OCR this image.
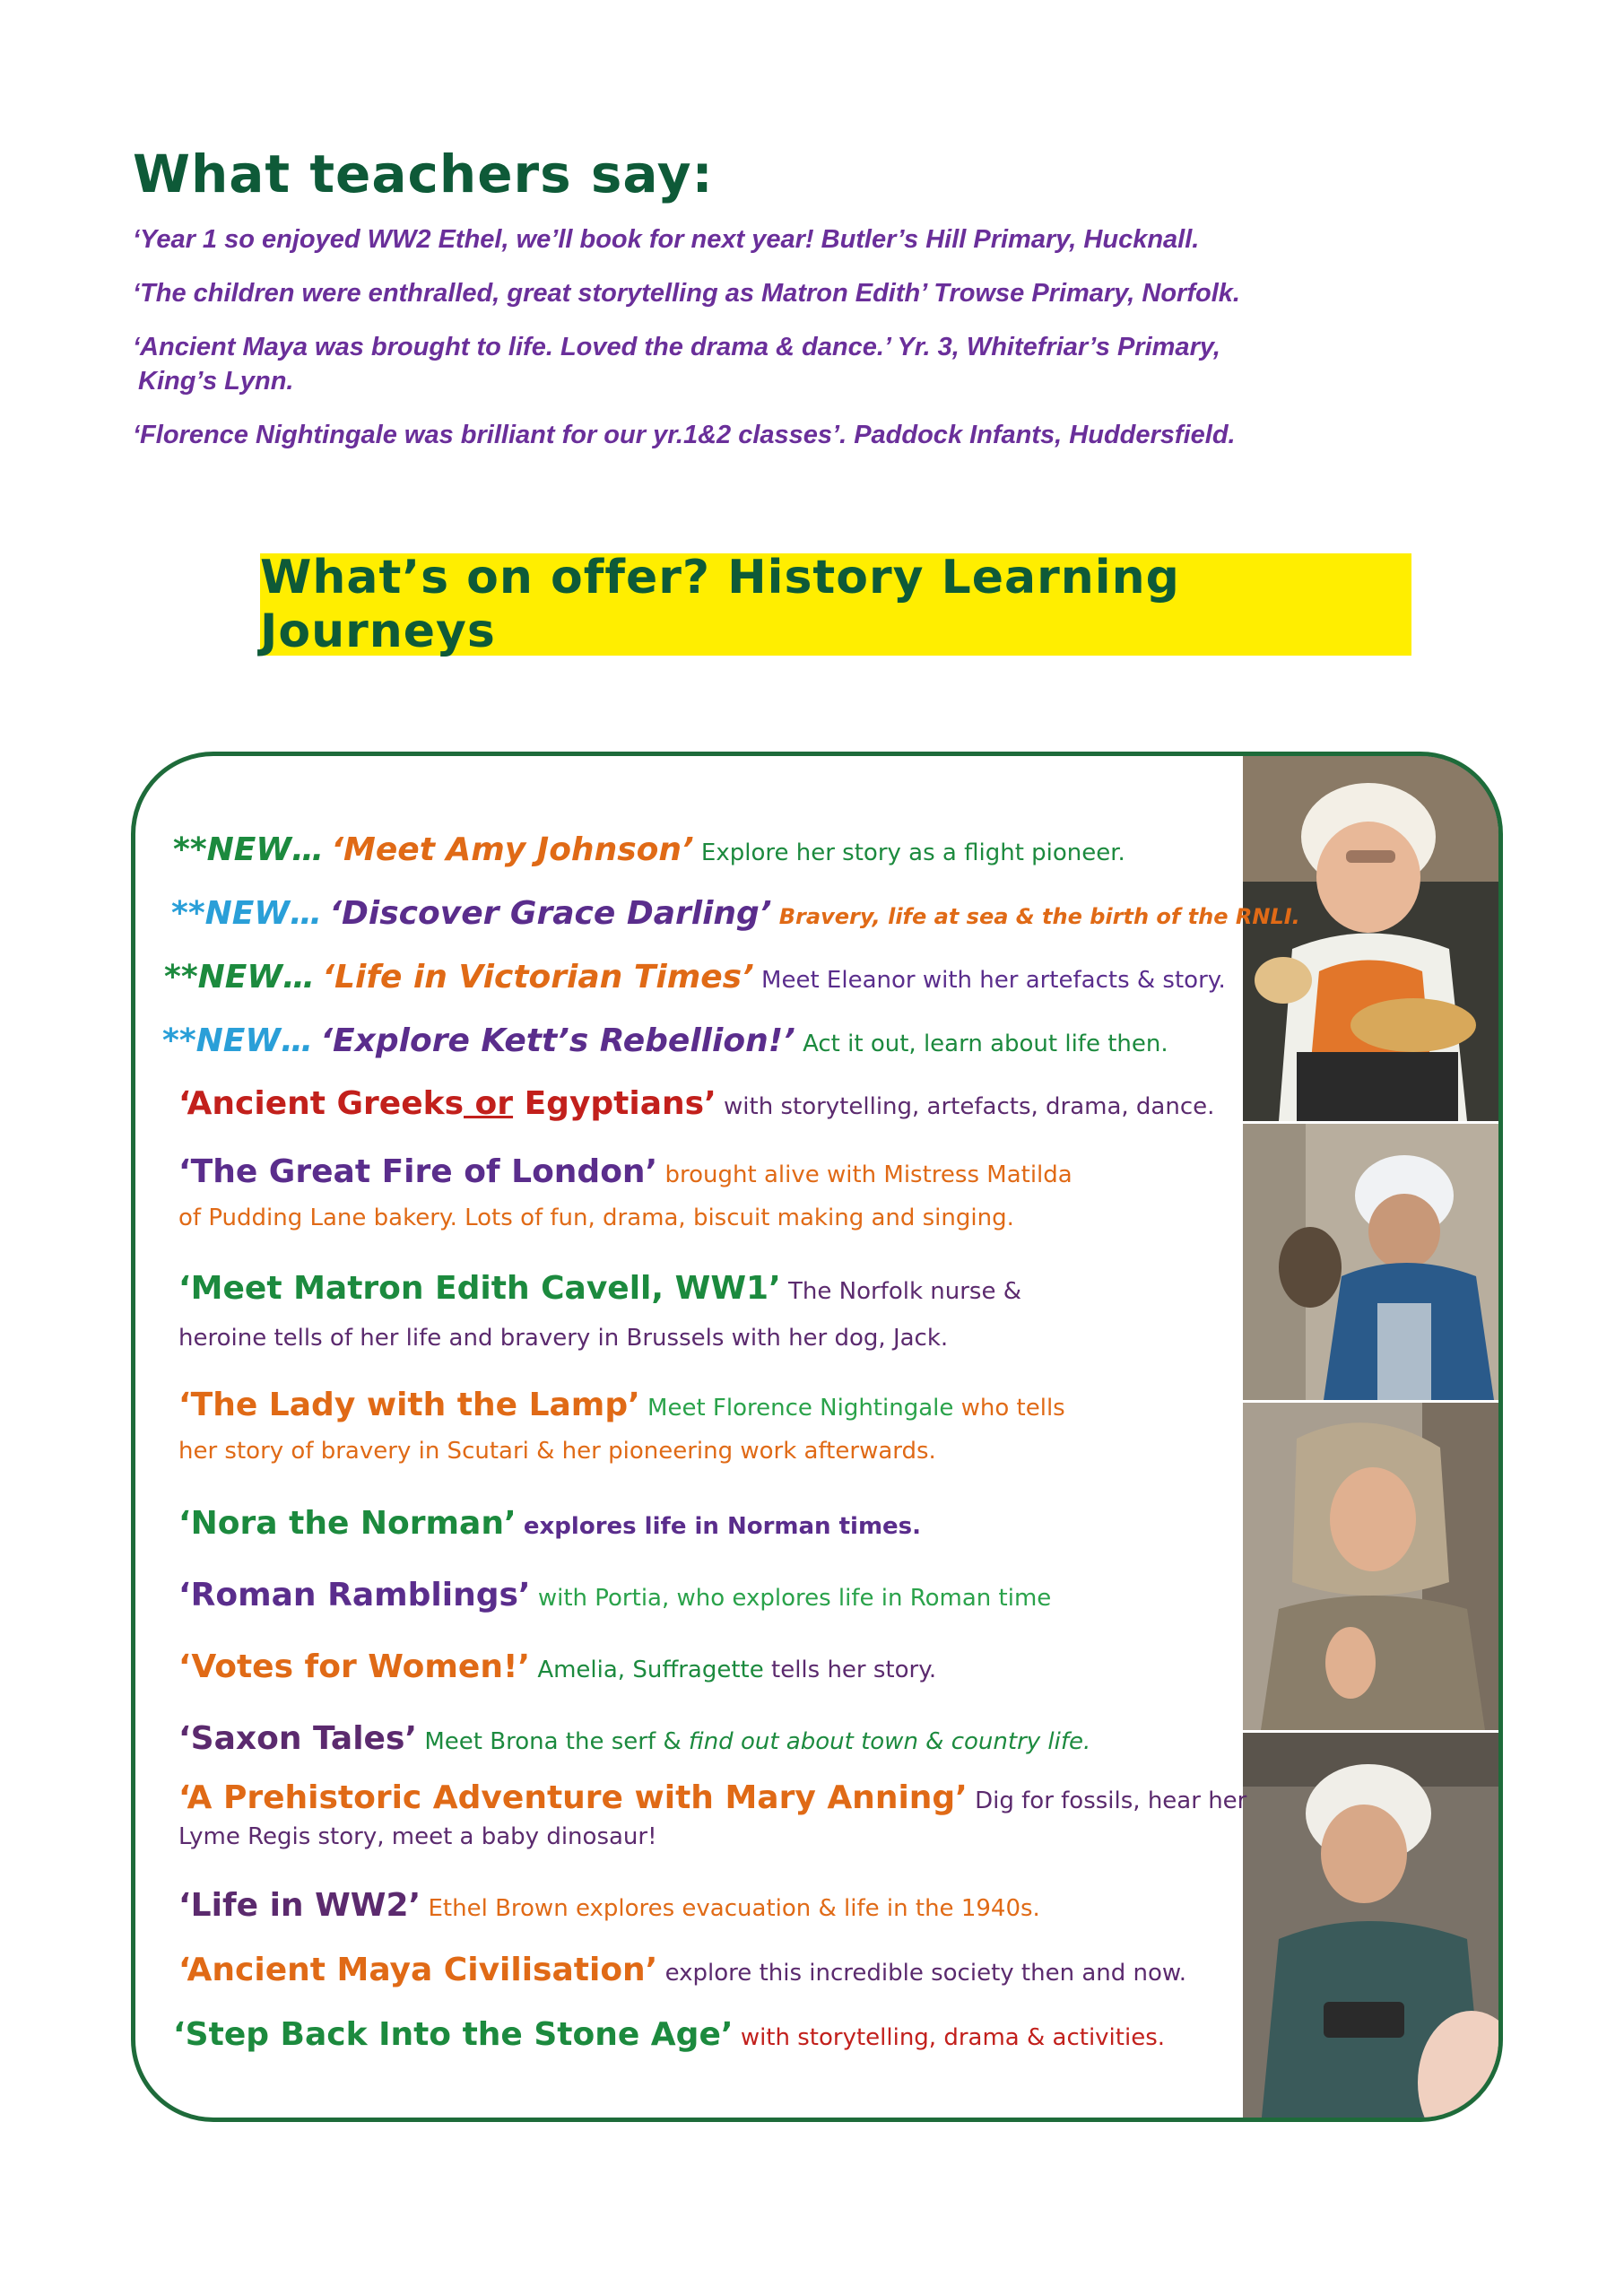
What teachers say:

‘Year 1 so enjoyed WW2 Ethel, we’ll book for next year! Butler’s Hill Primary, Hucknall.

‘The children were enthralled, great storytelling as Matron Edith’ Trowse Primary, Norfolk.

‘Ancient Maya was brought to life. Loved the drama & dance.’ Yr. 3, Whitefriar’s Primary,
King’s Lynn.

‘Florence Nightingale was brilliant for our yr.1&2 classes’. Paddock Infants, Huddersfield.

What’s on offer? History Learning Journeys
**NEW… ‘Meet Amy Johnson’ Explore her story as a flight pioneer.
**NEW… ‘Discover Grace Darling’ Bravery, life at sea & the birth of the RNLI.
**NEW… ‘Life in Victorian Times’ Meet Eleanor with her artefacts & story.
**NEW… ‘Explore Kett’s Rebellion!’ Act it out, learn about life then.
‘Ancient Greeks or Egyptians’ with storytelling, artefacts, drama, dance.
‘The Great Fire of London’ brought alive with Mistress Matilda
of Pudding Lane bakery. Lots of fun, drama, biscuit making and singing.
‘Meet Matron Edith Cavell, WW1’ The Norfolk nurse &
heroine tells of her life and bravery in Brussels with her dog, Jack.
‘The Lady with the Lamp’ Meet Florence Nightingale who tells
her story of bravery in Scutari & her pioneering work afterwards.
‘Nora the Norman’ explores life in Norman times.
‘Roman Ramblings’ with Portia, who explores life in Roman time
‘Votes for Women!’ Amelia, Suffragette tells her story.
‘Saxon Tales’ Meet Brona the serf & find out about town & country life.
‘A Prehistoric Adventure with Mary Anning’ Dig for fossils, hear her
Lyme Regis story, meet a baby dinosaur!
‘Life in WW2’ Ethel Brown explores evacuation & life in the 1940s.
‘Ancient Maya Civilisation’ explore this incredible society then and now.
‘Step Back Into the Stone Age’ with storytelling, drama & activities.
